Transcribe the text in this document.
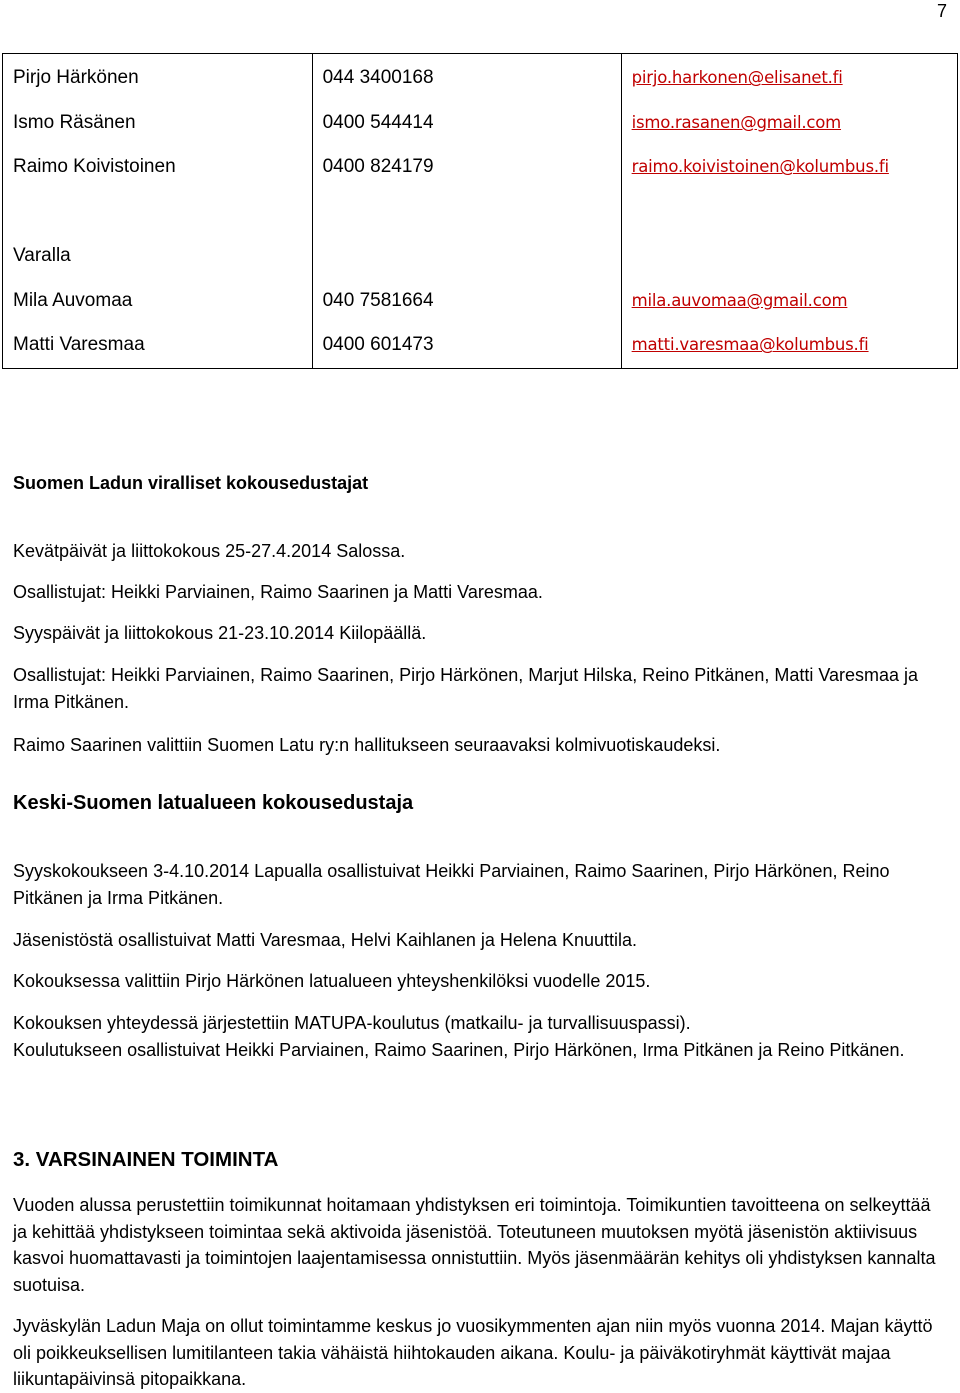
7
Pirjo Härkönen	044 3400168	pirjo.harkonen@elisanet.fi
Ismo Räsänen	0400 544414	ismo.rasanen@gmail.com
Raimo Koivistoinen	0400 824179	raimo.koivistoinen@kolumbus.fi

Varalla		
Mila Auvomaa	040 7581664	mila.auvomaa@gmail.com
Matti Varesmaa	0400 601473	matti.varesmaa@kolumbus.fi

Suomen Ladun viralliset kokousedustajat

Kevätpäivät ja liittokokous 25-27.4.2014 Salossa.

Osallistujat: Heikki Parviainen, Raimo Saarinen ja Matti Varesmaa.

Syyspäivät ja liittokokous 21-23.10.2014 Kiilopäällä.

Osallistujat: Heikki Parviainen, Raimo Saarinen, Pirjo Härkönen, Marjut Hilska, Reino Pitkänen, Matti Varesmaa ja Irma Pitkänen.

Raimo Saarinen valittiin Suomen Latu ry:n hallitukseen seuraavaksi kolmivuotiskaudeksi.

Keski-Suomen latualueen kokousedustaja

Syyskokoukseen 3-4.10.2014 Lapualla osallistuivat Heikki Parviainen, Raimo Saarinen, Pirjo Härkönen, Reino Pitkänen ja Irma Pitkänen.

Jäsenistöstä osallistuivat Matti Varesmaa, Helvi Kaihlanen ja Helena Knuuttila.

Kokouksessa valittiin Pirjo Härkönen latualueen yhteyshenkilöksi vuodelle 2015.

Kokouksen yhteydessä järjestettiin MATUPA-koulutus (matkailu- ja turvallisuuspassi).

Koulutukseen osallistuivat Heikki Parviainen, Raimo Saarinen, Pirjo Härkönen, Irma Pitkänen ja Reino Pitkänen.

3. VARSINAINEN TOIMINTA

Vuoden alussa perustettiin toimikunnat hoitamaan yhdistyksen eri toimintoja. Toimikuntien tavoitteena on selkeyttää ja kehittää yhdistykseen toimintaa sekä aktivoida jäsenistöä. Toteutuneen muutoksen myötä jäsenistön aktiivisuus kasvoi huomattavasti ja toimintojen laajentamisessa onnistuttiin. Myös jäsenmäärän kehitys oli yhdistyksen kannalta suotuisa.

Jyväskylän Ladun Maja on ollut toimintamme keskus jo vuosikymmenten ajan niin myös vuonna 2014. Majan käyttö oli poikkeuksellisen lumitilanteen takia vähäistä hiihtokauden aikana. Koulu- ja päiväkotiryhmät käyttivät majaa liikuntapäivinsä pitopaikkana.
